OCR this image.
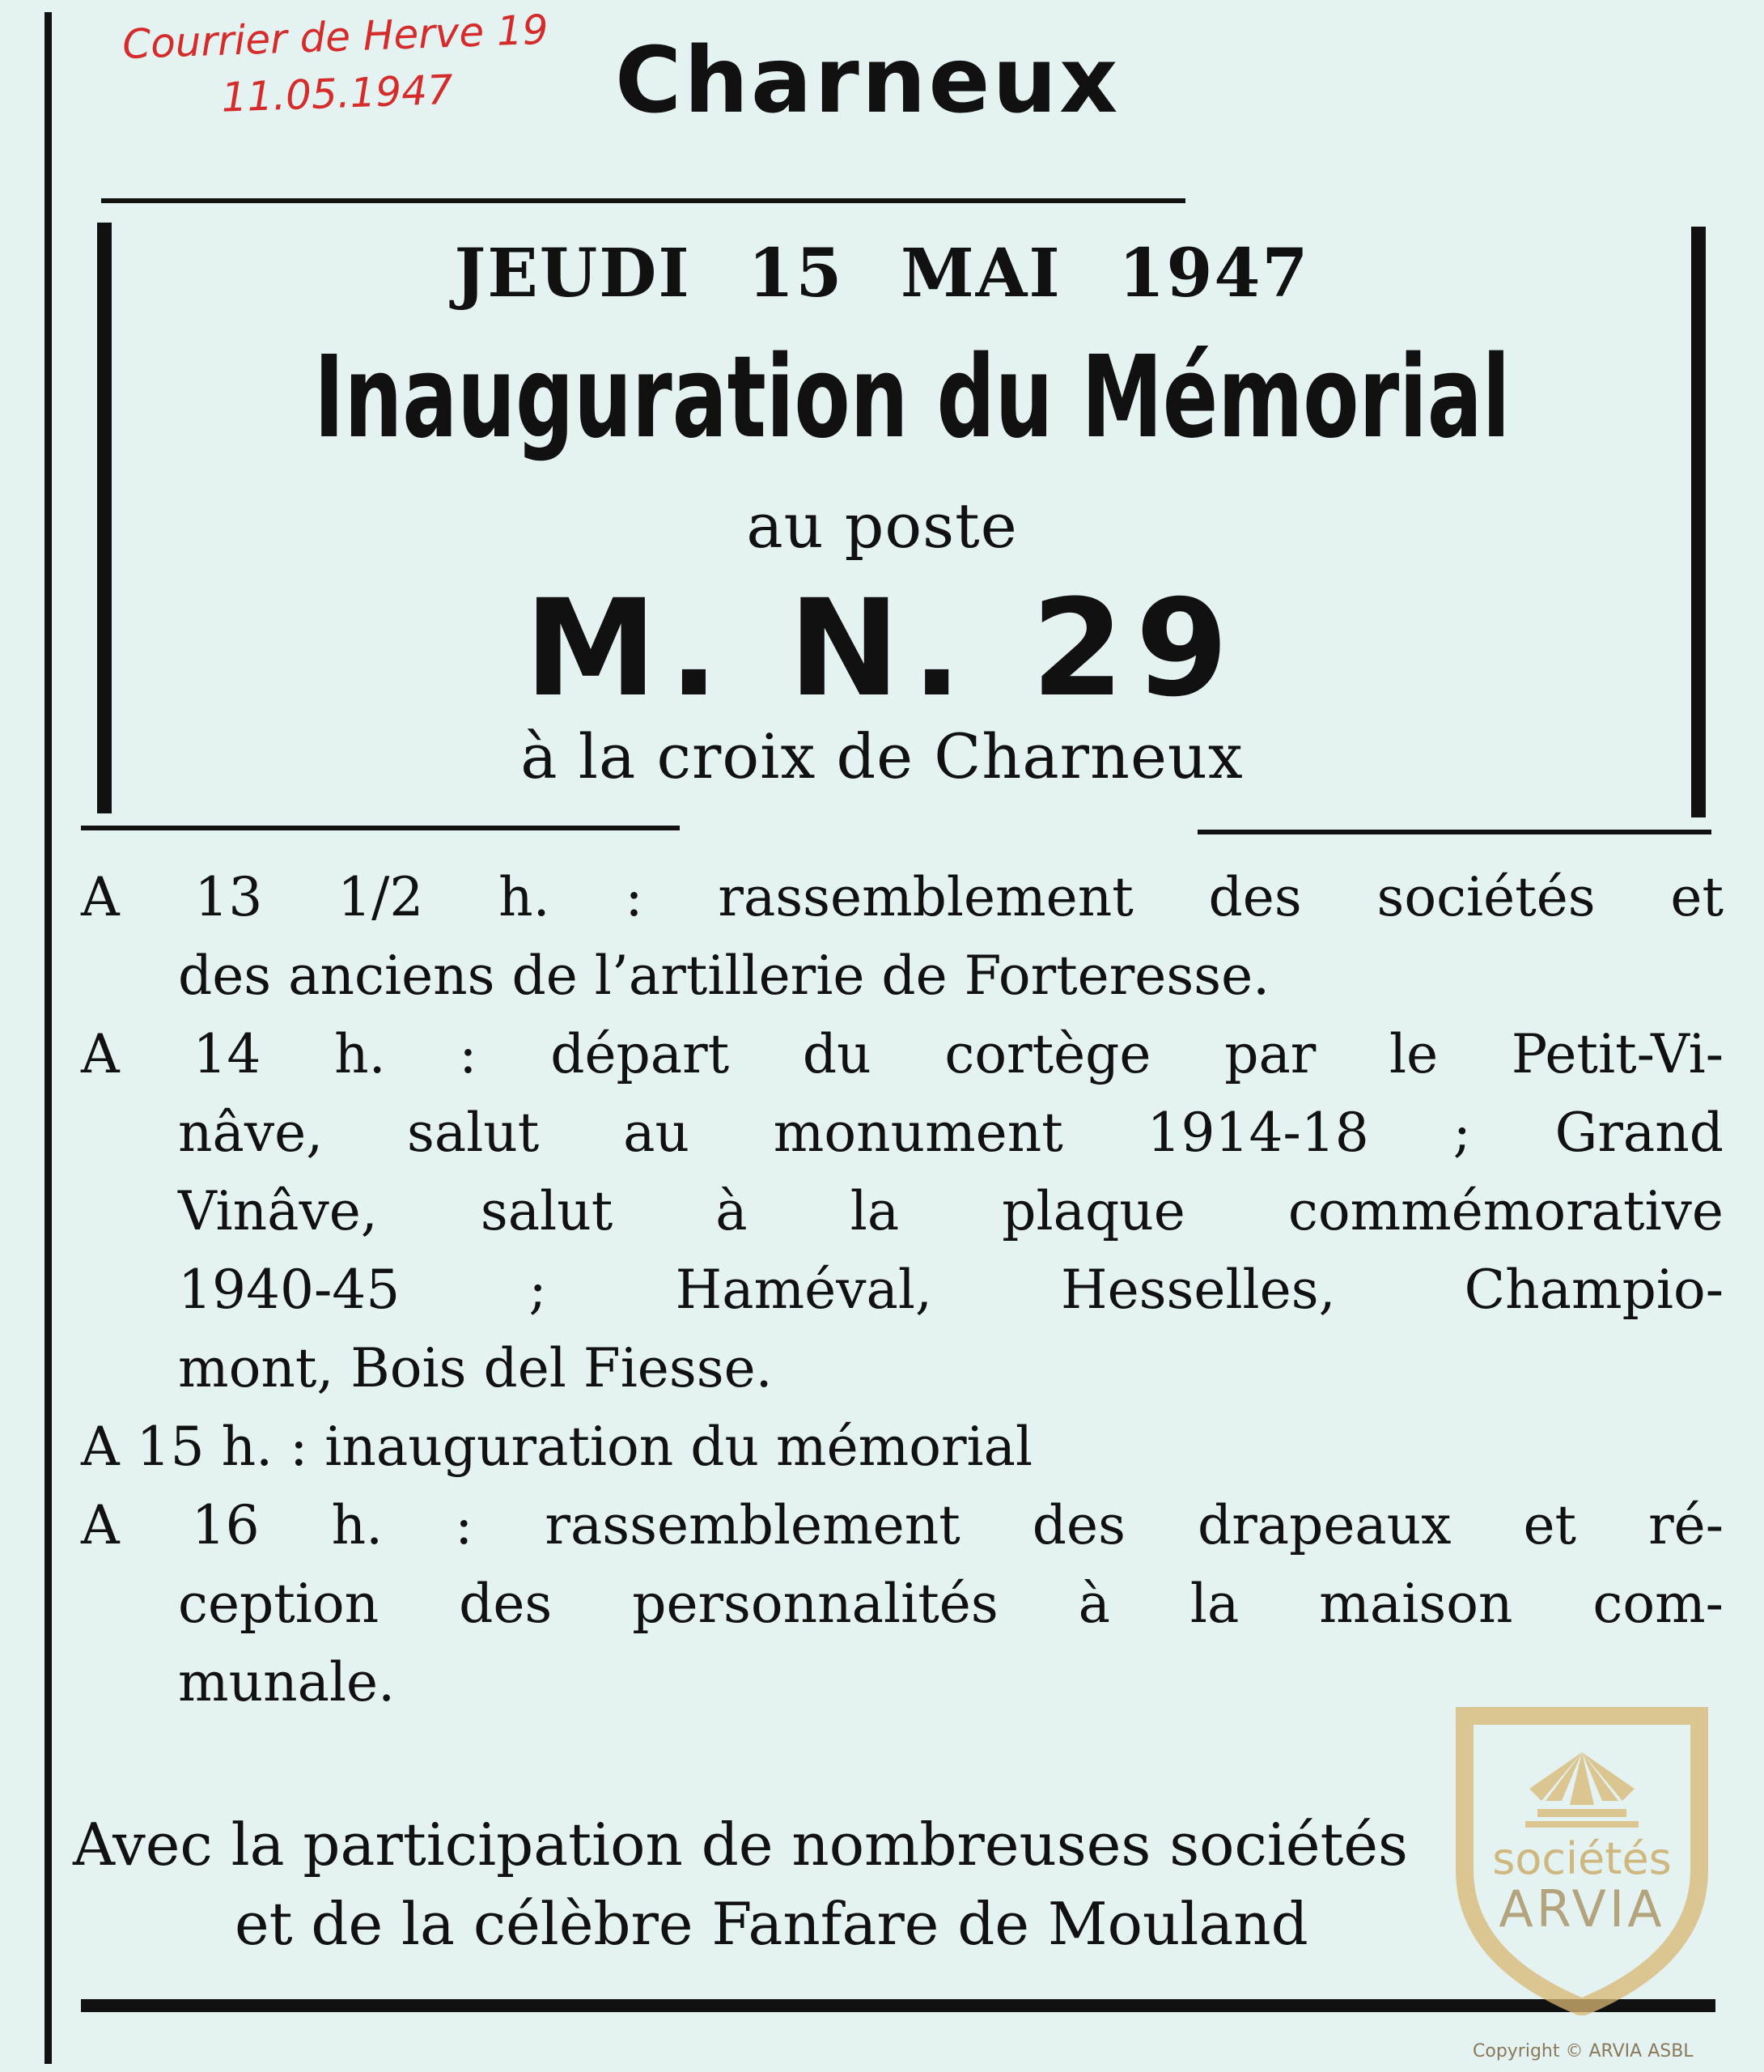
Courrier de Herve 19
11.05.1947	Charneux
JEUDI 15 MAI 1947
Inauguration du Mémorial
au poste
M. N. 29
à la croix de Charneux
A 13 1/2 h. : rassemblement des sociétés et
des anciens de l’artillerie de Forteresse.
A 14 h. : départ du cortège par le Petit-Vi-
nâve, salut au monument 1914-18 ; Grand
Vinâve, salut à la plaque commémorative
1940-45 ; Haméval, Hesselles, Champio-
mont, Bois del Fiesse.
A 15 h. : inauguration du mémorial
A 16 h. : rassemblement des drapeaux et ré-
ception des personnalités à la maison com-
munale.
Avec la participation de nombreuses sociétés
et de la célèbre Fanfare de Mouland
sociétés
ARVIA
Copyright © ARVIA ASBL
